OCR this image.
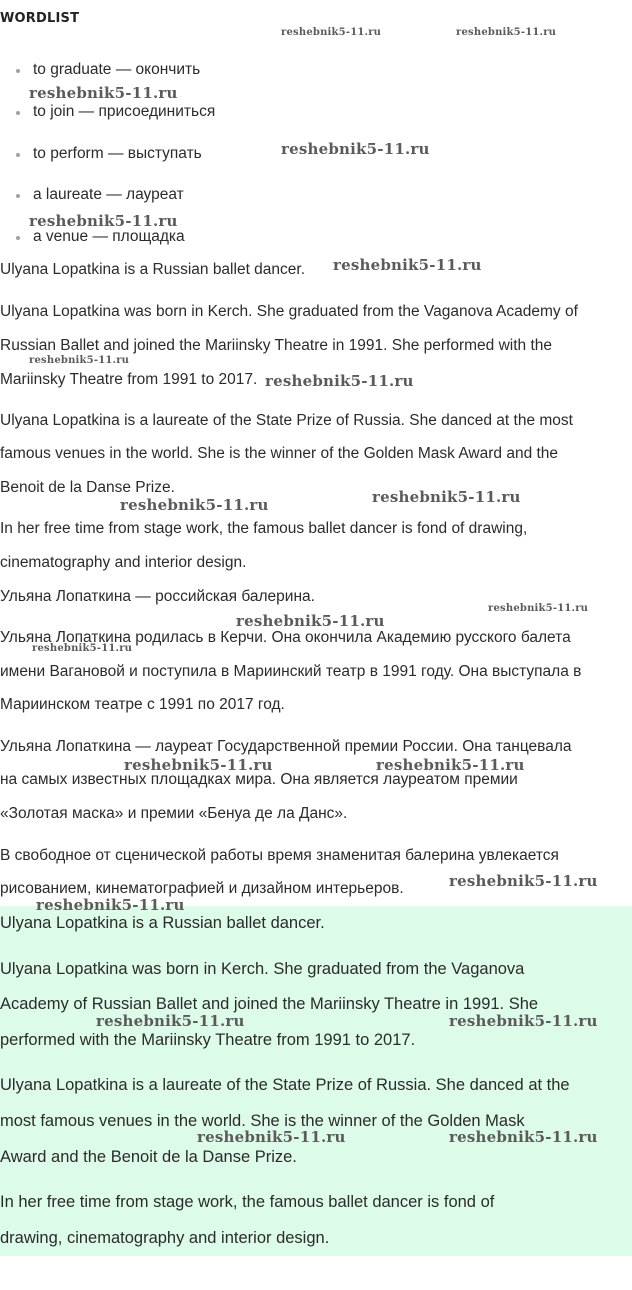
WORDLIST
to graduate — окончить
to join — присоединиться
to perform — выступать
a laureate — лауреат
a venue — площадка
Ulyana Lopatkina is a Russian ballet dancer.
Ulyana Lopatkina was born in Kerch. She graduated from the Vaganova Academy of
Russian Ballet and joined the Mariinsky Theatre in 1991. She performed with the
Mariinsky Theatre from 1991 to 2017.
Ulyana Lopatkina is a laureate of the State Prize of Russia. She danced at the most
famous venues in the world. She is the winner of the Golden Mask Award and the
Benoit de la Danse Prize.
In her free time from stage work, the famous ballet dancer is fond of drawing,
cinematography and interior design.
Ульяна Лопаткина — российская балерина.
Ульяна Лопаткина родилась в Керчи. Она окончила Академию русского балета
имени Вагановой и поступила в Мариинский театр в 1991 году. Она выступала в
Мариинском театре с 1991 по 2017 год.
Ульяна Лопаткина — лауреат Государственной премии России. Она танцевала
на самых известных площадках мира. Она является лауреатом премии
«Золотая маска» и премии «Бенуа де ла Данс».
В свободное от сценической работы время знаменитая балерина увлекается
рисованием, кинематографией и дизайном интерьеров.
Ulyana Lopatkina is a Russian ballet dancer.
Ulyana Lopatkina was born in Kerch. She graduated from the Vaganova
Academy of Russian Ballet and joined the Mariinsky Theatre in 1991. She
performed with the Mariinsky Theatre from 1991 to 2017.
Ulyana Lopatkina is a laureate of the State Prize of Russia. She danced at the
most famous venues in the world. She is the winner of the Golden Mask
Award and the Benoit de la Danse Prize.
In her free time from stage work, the famous ballet dancer is fond of
drawing, cinematography and interior design.
reshebnik5-11.ru	reshebnik5-11.ru
reshebnik5-11.ru
reshebnik5-11.ru
reshebnik5-11.ru
reshebnik5-11.ru
reshebnik5-11.ru
reshebnik5-11.ru
reshebnik5-11.ru	reshebnik5-11.ru
reshebnik5-11.ru
reshebnik5-11.ru
reshebnik5-11.ru
reshebnik5-11.ru	reshebnik5-11.ru
reshebnik5-11.ru
reshebnik5-11.ru
reshebnik5-11.ru	reshebnik5-11.ru
reshebnik5-11.ru	reshebnik5-11.ru
